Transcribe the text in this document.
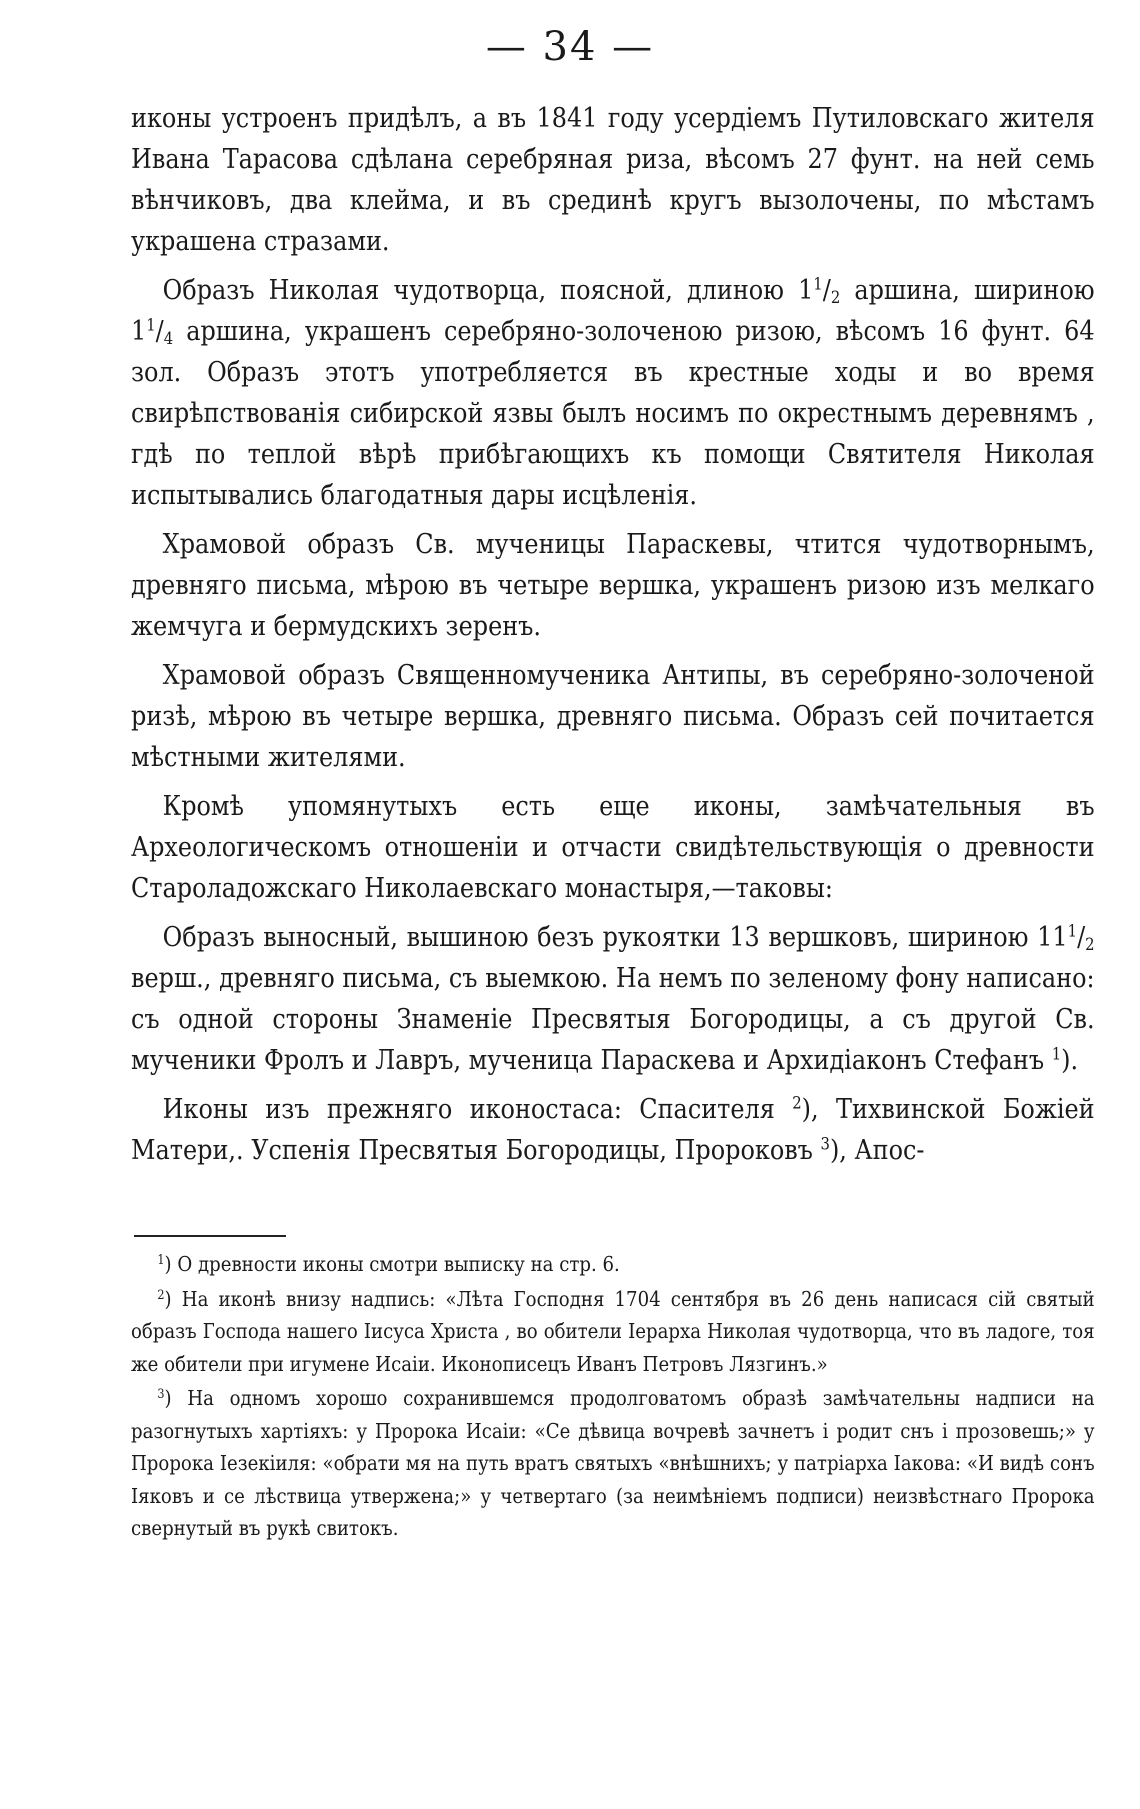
— 34 —

иконы устроенъ придѣлъ, а въ 1841 году усердіемъ Путиловскаго жителя Ивана Тарасова сдѣлана серебряная риза, вѣсомъ 27 фунт. на ней семь вѣнчиковъ, два клейма, и въ срединѣ кругъ вызолочены, по мѣстамъ украшена стразами.

Образъ Николая чудотворца, поясной, длиною $1^1/_2$ аршина, шириною $1^1/_4$ аршина, украшенъ серебряно-золоченою ризою, вѣсомъ 16 фунт. 64 зол. Образъ этотъ употребляется въ крестные ходы и во время свирѣпствованія сибирской язвы былъ носимъ по окрестнымъ деревнямъ , гдѣ по теплой вѣрѣ прибѣгающихъ къ помощи Святителя Николая испытывались благодатныя дары исцѣленія.

Храмовой образъ Св. мученицы Параскевы, чтится чудотворнымъ, древняго письма, мѣрою въ четыре вершка, украшенъ ризою изъ мелкаго жемчуга и бермудскихъ зеренъ.

Храмовой образъ Священномученика Антипы, въ серебряно-золоченой ризѣ, мѣрою въ четыре вершка, древняго письма. Образъ сей почитается мѣстными жителями.

Кромѣ упомянутыхъ есть еще иконы, замѣчательныя въ Археологическомъ отношеніи и отчасти свидѣтельствующія о древности Староладожскаго Николаевскаго монастыря,—таковы:

Образъ выносный, вышиною безъ рукоятки 13 вершковъ, шириною $11^1/_2$ верш., древняго письма, съ выемкою. На немъ по зеленому фону написано: съ одной стороны Знаменіе Пресвятыя Богородицы, а съ другой Св. мученики Фролъ и Лавръ, мученица Параскева и Архидіаконъ Стефанъ $^1$).

Иконы изъ прежняго иконостаса: Спасителя $^2$), Тихвинской Божіей Матери,. Успенія Пресвятыя Богородицы, Пророковъ $^3$), Апос-

$^1$) О древности иконы смотри выписку на стр. 6.

$^2$) На иконѣ внизу надпись: «Лѣта Господня 1704 сентября въ 26 день написася сій святый образъ Господа нашего Іисуса Христа , во обители Іерарха Николая чудотворца, что въ ладоге, тоя же обители при игумене Исаіи. Иконописецъ Иванъ Петровъ Лязгинъ.»

$^3$) На одномъ хорошо сохранившемся продолговатомъ образѣ замѣчательны надписи на разогнутыхъ хартіяхъ: у Пророка Исаіи: «Се дѣвица вочревѣ зачнетъ і родит снъ і прозовешь;» у Пророка Іезекіиля: «обрати мя на путь вратъ святыхъ «внѣшнихъ; у патріарха Іакова: «И видѣ сонъ Іяковъ и се лѣствица утвержена;» у четвертаго (за неимѣніемъ подписи) неизвѣстнаго Пророка свернутый въ рукѣ свитокъ.
